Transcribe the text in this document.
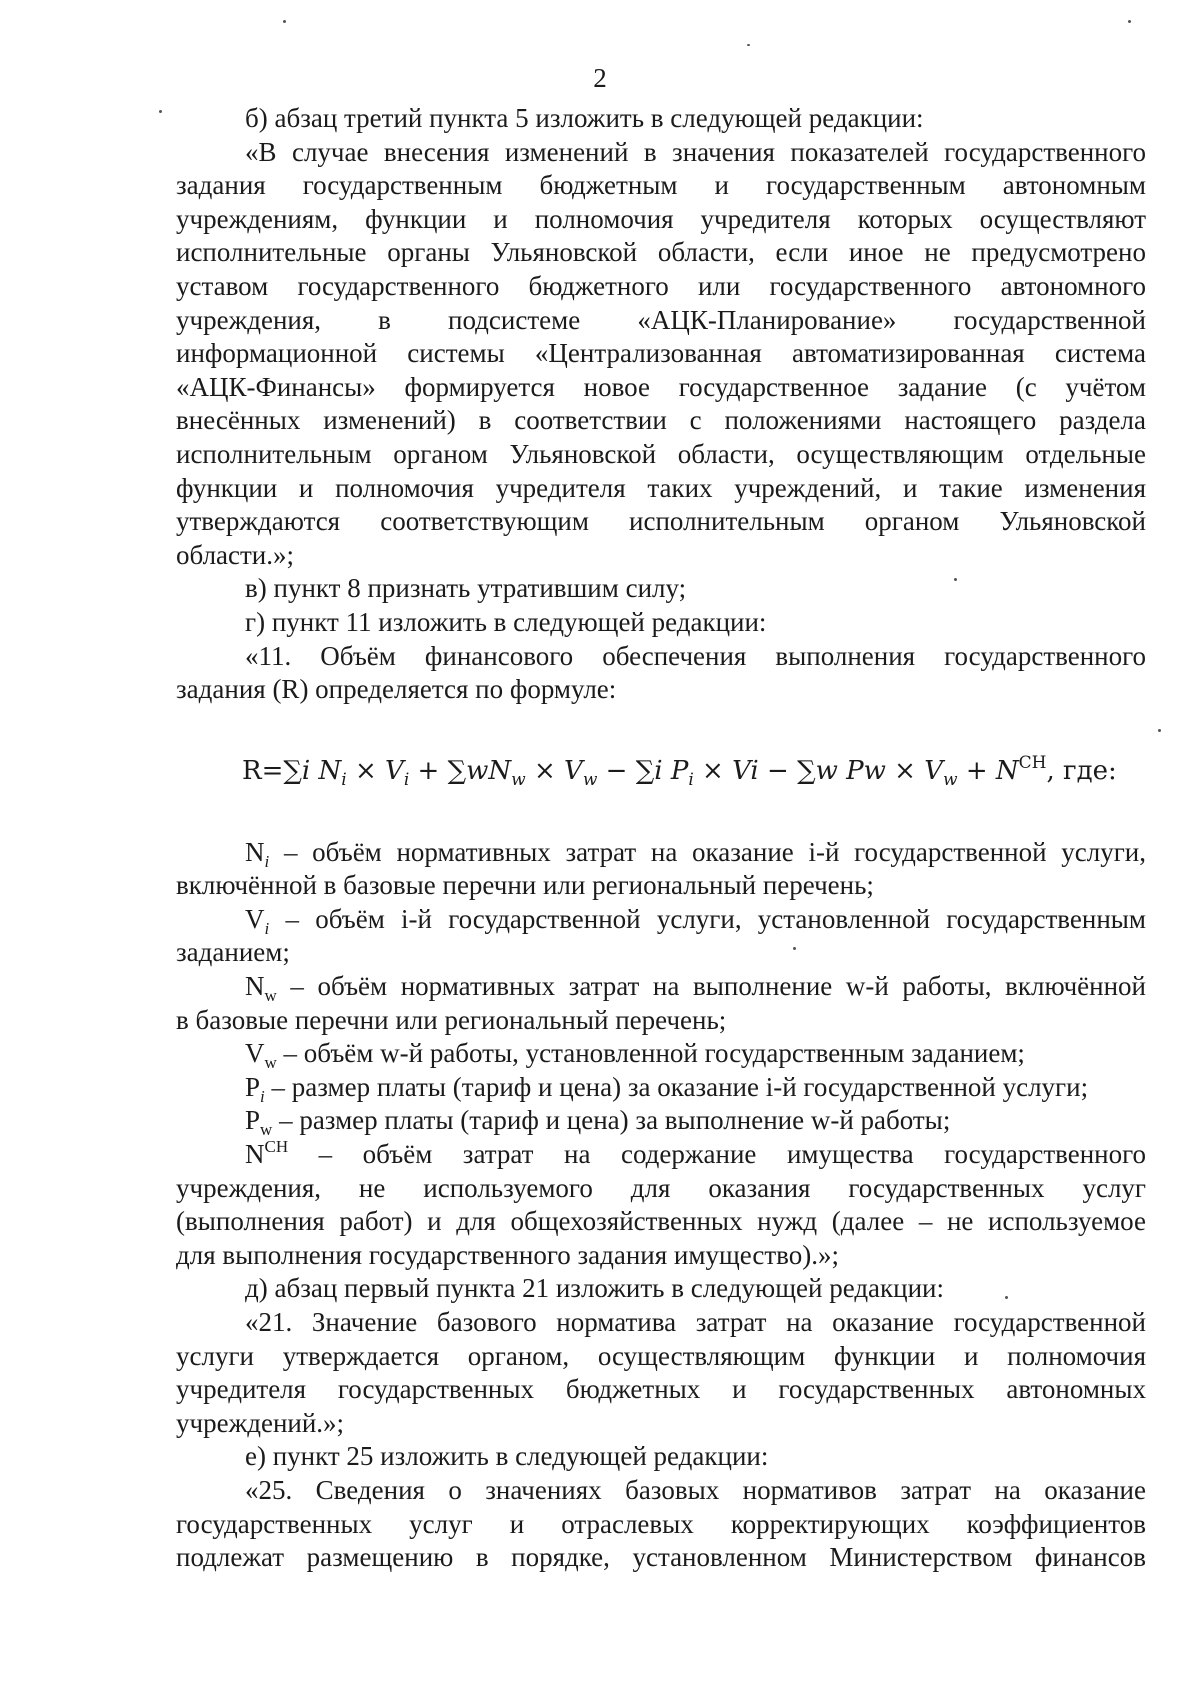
2

б) абзац третий пункта 5 изложить в следующей редакции:

«В случае внесения изменений в значения показателей государственного

задания государственным бюджетным и государственным автономным

учреждениям, функции и полномочия учредителя которых осуществляют

исполнительные органы Ульяновской области, если иное не предусмотрено

уставом государственного бюджетного или государственного автономного

учреждения, в подсистеме «АЦК-Планирование» государственной

информационной системы «Централизованная автоматизированная система

«АЦК-Финансы» формируется новое государственное задание (с учётом

внесённых изменений) в соответствии с положениями настоящего раздела

исполнительным органом Ульяновской области, осуществляющим отдельные

функции и полномочия учредителя таких учреждений, и такие изменения

утверждаются соответствующим исполнительным органом Ульяновской

области.»;

в) пункт 8 признать утратившим силу;

г) пункт 11 изложить в следующей редакции:

«11. Объём финансового обеспечения выполнения государственного

задания (R) определяется по формуле:

R=∑i $N_i \times V_i + \sum wN_w \times V_w - \sum i$ $P_i \times Vi - \sum w$ $Pw \times V_w + N^{СН}$, где:

$N_i$ – объём нормативных затрат на оказание i-й государственной услуги,

включённой в базовые перечни или региональный перечень;

$V_i$ – объём i-й государственной услуги, установленной государственным

заданием;

$N_w$ – объём нормативных затрат на выполнение w-й работы, включённой

в базовые перечни или региональный перечень;

$V_w$ – объём w-й работы, установленной государственным заданием;

$P_i$ – размер платы (тариф и цена) за оказание i-й государственной услуги;

$P_w$ – размер платы (тариф и цена) за выполнение w-й работы;

$N^{СН}$ – объём затрат на содержание имущества государственного

учреждения, не используемого для оказания государственных услуг

(выполнения работ) и для общехозяйственных нужд (далее – не используемое

для выполнения государственного задания имущество).»;

д) абзац первый пункта 21 изложить в следующей редакции:

«21. Значение базового норматива затрат на оказание государственной

услуги утверждается органом, осуществляющим функции и полномочия

учредителя государственных бюджетных и государственных автономных

учреждений.»;

е) пункт 25 изложить в следующей редакции:

«25. Сведения о значениях базовых нормативов затрат на оказание

государственных услуг и отраслевых корректирующих коэффициентов

подлежат размещению в порядке, установленном Министерством финансов
